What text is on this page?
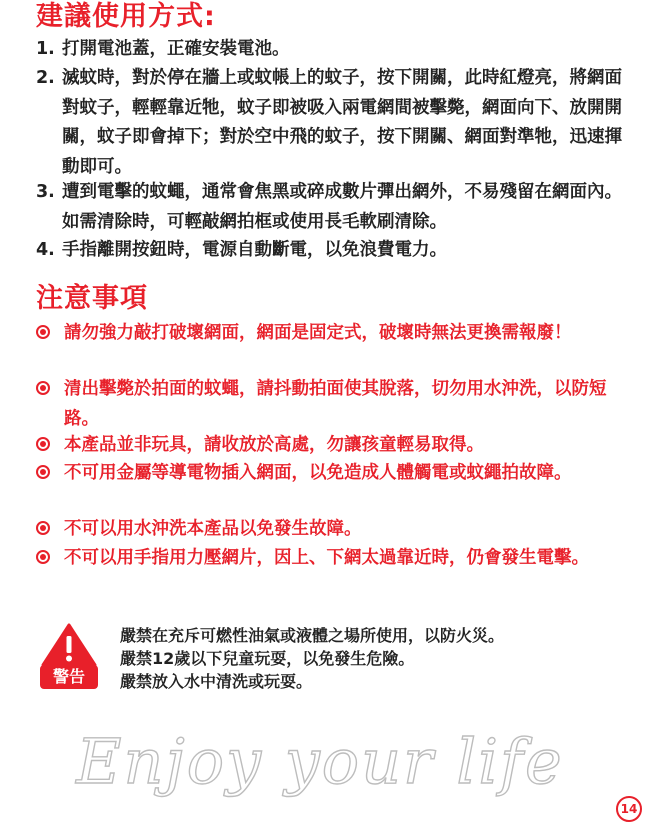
建議使用方式:
1. 打開電池蓋，正確安裝電池。
2. 滅蚊時，對於停在牆上或蚊帳上的蚊子，按下開關，此時紅燈亮，將網面對蚊子，輕輕靠近牠，蚊子即被吸入兩電網間被擊斃，網面向下、放開開關，蚊子即會掉下；對於空中飛的蚊子，按下開關、網面對準牠，迅速揮動即可。
3. 遭到電擊的蚊蠅，通常會焦黑或碎成數片彈出網外，不易殘留在網面內。如需清除時，可輕敲網拍框或使用長毛軟刷清除。
4. 手指離開按鈕時，電源自動斷電，以免浪費電力。
注意事項
請勿強力敲打破壞網面，網面是固定式，破壞時無法更換需報廢！
清出擊斃於拍面的蚊蠅，請抖動拍面使其脫落，切勿用水沖洗，以防短路。
本產品並非玩具，請收放於高處，勿讓孩童輕易取得。
不可用金屬等導電物插入網面，以免造成人體觸電或蚊繩拍故障。
不可以用水沖洗本產品以免發生故障。
不可以用手指用力壓網片，因上、下網太過靠近時，仍會發生電擊。
警告
嚴禁在充斥可燃性油氣或液體之場所使用，以防火災。
嚴禁12歲以下兒童玩耍，以免發生危險。
嚴禁放入水中清洗或玩耍。
Enjoy your life
14
